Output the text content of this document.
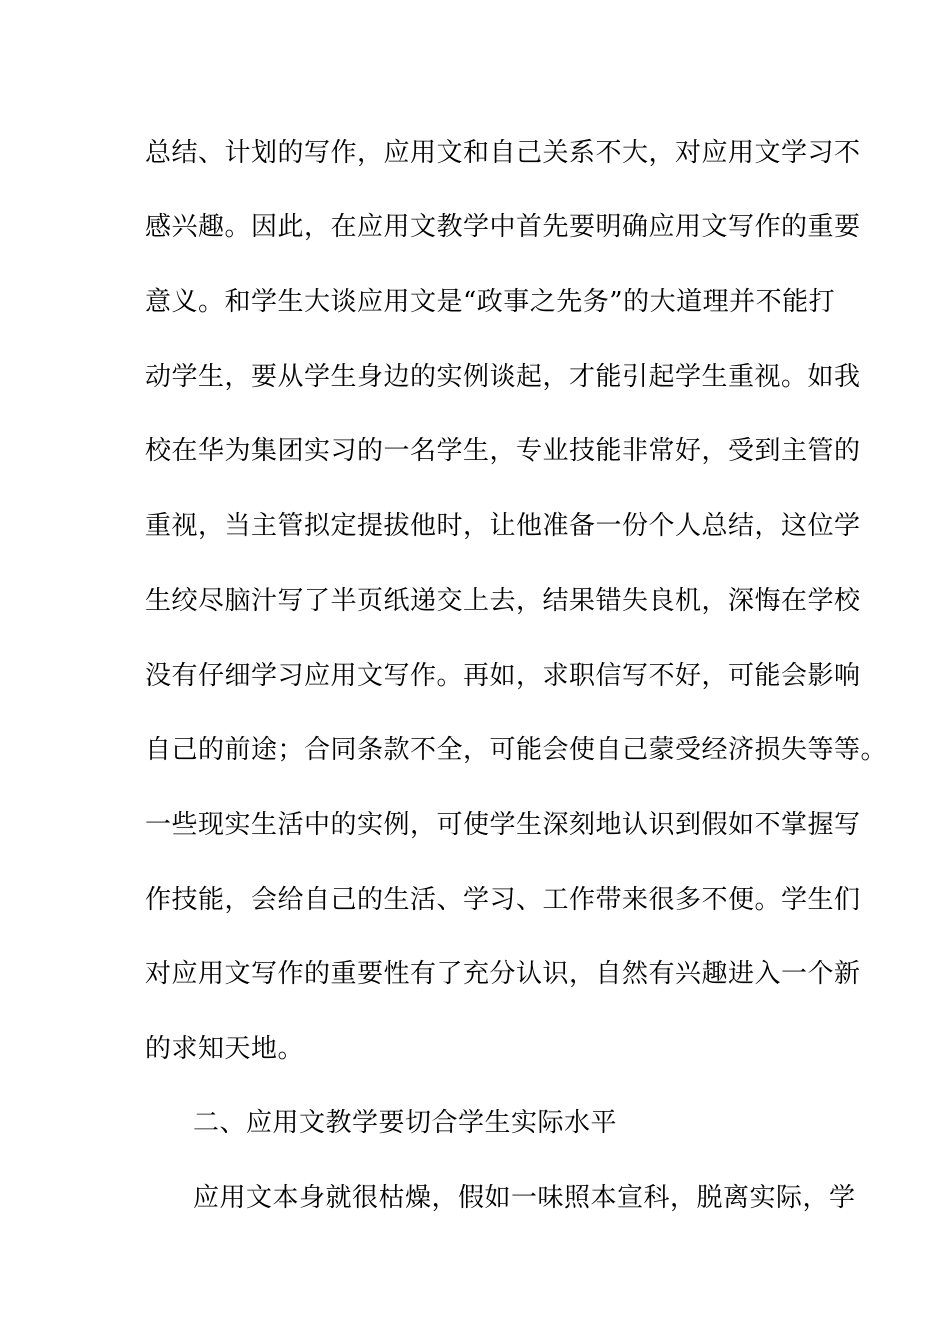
总结、计划的写作，应用文和自己关系不大，对应用文学习不
感兴趣。因此，在应用文教学中首先要明确应用文写作的重要
意义。和学生大谈应用文是“政事之先务”的大道理并不能打
动学生，要从学生身边的实例谈起，才能引起学生重视。如我
校在华为集团实习的一名学生，专业技能非常好，受到主管的
重视，当主管拟定提拔他时，让他准备一份个人总结，这位学
生绞尽脑汁写了半页纸递交上去，结果错失良机，深悔在学校
没有仔细学习应用文写作。再如，求职信写不好，可能会影响
自己的前途；合同条款不全，可能会使自己蒙受经济损失等等。
一些现实生活中的实例，可使学生深刻地认识到假如不掌握写
作技能，会给自己的生活、学习、工作带来很多不便。学生们
对应用文写作的重要性有了充分认识，自然有兴趣进入一个新
的求知天地。
二、应用文教学要切合学生实际水平
应用文本身就很枯燥，假如一味照本宣科，脱离实际，学
